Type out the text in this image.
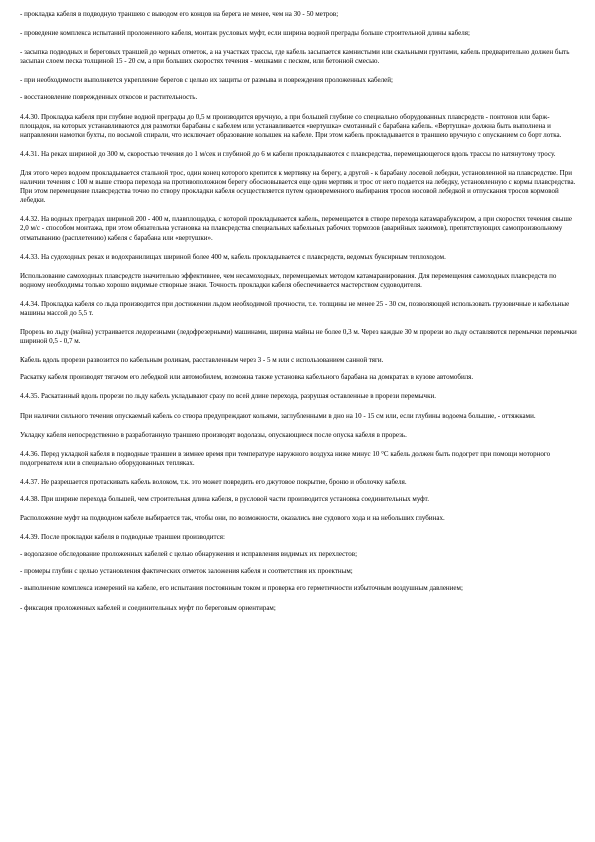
- прокладка кабеля в подводную траншею с выводом его концов на берега не менее, чем на 30 - 50 метров;

- проведение комплекса испытаний проложенного кабеля, монтаж русловых муфт, если ширина водной преграды больше строительной длины кабеля;

- засыпка подводных и береговых траншей до черных отметок, а на участках трассы, где кабель засыпается камнистыми или скальными грунтами, кабель предварительно должен быть засыпан слоем песка толщиной 15 - 20 см, а при больших скоростях течения - мешками с песком, или бетонной смесью.

- при необходимости выполняется укрепление берегов с целью их защиты от размыва и повреждения проложенных кабелей;

- восстановление поврежденных откосов и растительность.

4.4.30. Прокладка кабеля при глубине водной преграды до 0,5 м производится вручную, а при большей глубине со специально оборудованных плавсредств - понтонов или барж-площадок, на которых устанавливаются для размотки барабаны с кабелем или устанавливается «вертушка» смотанный с барабана кабель. «Вертушка» должна быть выполнена и направлении намотки бухты, по восьмой спирали, что исключает образование колышек на кабеле. При этом кабель прокладывается в траншею вручную с опусканием со борт лотка.

4.4.31. На реках шириной до 300 м, скоростью течения до 1 м/сек и глубиной до 6 м кабели прокладываются с плавсредства, перемещающегося вдоль трассы по натянутому тросу.

Для этого через водоем прокладывается стальной трос, один конец которого крепится к мертвяку на берегу, а другой - к барабану лосевой лебедки, установленной на плавсредстве. При наличии течения с 100 м выше створа перехода на противоположном берегу обосновывается еще один мертвяк и трос от него подается на лебедку, установленную с кормы плавсредства. При этом перемещение плавсредства точно по створу прокладки кабеля осуществляется путем одновременного выбирания тросов носовой лебедкой и отпускания тросов кормовой лебедки.

4.4.32. На водных преградах шириной 200 - 400 м, плавплощадка, с которой прокладывается кабель, перемещается в створе перехода катамарабуксиром, а при скоростях течения свыше 2,0 м/с - способом монтажа, при этом обязательна установка на плавсредства специальных кабельных рабочих тормозов (аварийных зажимов), препятствующих самопроизвольному отматыванию (расплетению) кабеля с барабана или «вертушки».

4.4.33. На судоходных реках и водохранилищах шириной более 400 м, кабель прокладывается с плавсредств, ведомых буксирным теплоходом.

Использование самоходных плавсредств значительно эффективнее, чем несамоходных, перемещаемых методом катамаранирования. Для перемещения самоходных плавсредств по водному необходимы только хорошо видимые створные знаки. Точность прокладки кабеля обеспечивается мастерством судоводителя.

4.4.34. Прокладка кабеля со льда производится при достижении льдом необходимой прочности, т.е. толщины не менее 25 - 30 см, позволяющей использовать грузовичные и кабельные машины массой до 5,5 т.

Прорезь во льду (майна) устраивается ледорезными (ледофрезерными) машинами, ширина майны не более 0,3 м. Через каждые 30 м прорези во льду оставляются перемычки перемычки шириной 0,5 - 0,7 м.

Кабель вдоль прорези развозится по кабельным роликам, расставленным через 3 - 5 м или с использованием санной тяги.

Раскатку кабеля производят тягачом его лебедкой или автомобилем, возможна также установка кабельного барабана на домкратах в кузове автомобиля.

4.4.35. Раскатанный вдоль прорези по льду кабель укладывают сразу по всей длине перехода, разрушая оставленные в прорези перемычки.

При наличии сильного течения опускаемый кабель со створа предупреждают кольями, заглубленными в дно на 10 - 15 см или, если глубины водоема большие, - оттяжками.

Укладку кабеля непосредственно в разработанную траншею производят водолазы, опускающиеся после опуска кабеля в прорезь.

4.4.36. Перед укладкой кабеля в подводные траншеи в зимнее время при температуре наружного воздуха ниже минус 10 °С кабель должен быть подогрет при помощи моторного подогревателя или в специально оборудованных тепляках.

4.4.37. Не разрешается протаскивать кабель волоком, т.к. это может повредить его джутовое покрытие, броню и оболочку кабеля.

4.4.38. При ширине перехода большей, чем строительная длина кабеля, в русловой части производится установка соединительных муфт.

Расположение муфт на подводном кабеле выбирается так, чтобы они, по возможности, оказались вне судового хода и на небольших глубинах.

4.4.39. После прокладки кабеля в подводные траншеи производится:

- водолазное обследование проложенных кабелей с целью обнаружения и исправления видимых их перехлестов;

- промеры глубин с целью установления фактических отметок заложения кабеля и соответствия их проектным;

- выполнение комплекса измерений на кабеле, его испытания постоянным током и проверка его герметичности избыточным воздушным давлением;

- фиксация проложенных кабелей и соединительных муфт по береговым ориентирам;
